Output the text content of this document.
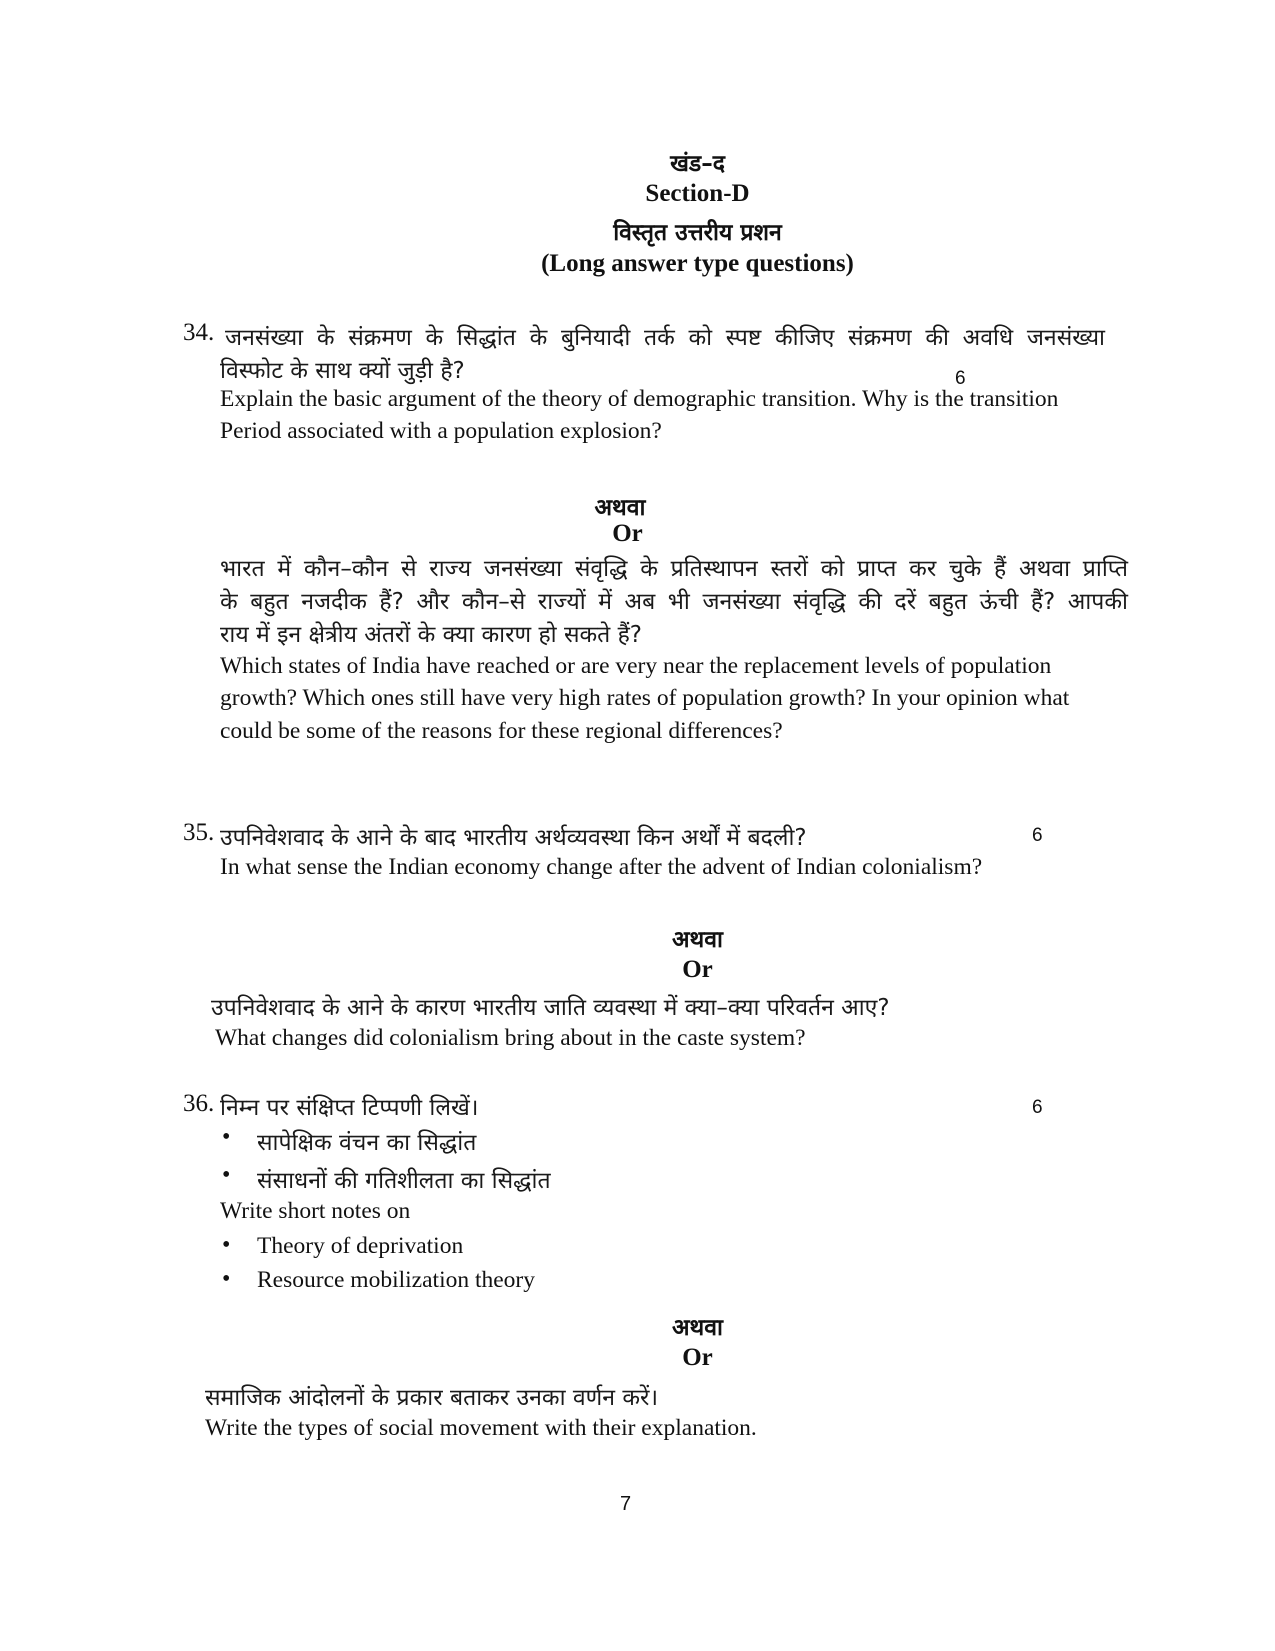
खंड–द
Section-D
विस्तृत उत्तरीय प्रशन
(Long answer type questions)
34. जनसंख्या के संक्रमण के सिद्धांत के बुनियादी तर्क को स्पष्ट कीजिए संक्रमण की अवधि जनसंख्या
विस्फोट के साथ क्यों जुड़ी है?	6
Explain the basic argument of the theory of demographic transition. Why is the transition
Period associated with a population explosion?
अथवा
Or
भारत में कौन–कौन से राज्य जनसंख्या संवृद्धि के प्रतिस्थापन स्तरों को प्राप्त कर चुके हैं अथवा प्राप्ति
के बहुत नजदीक हैं? और कौन–से राज्यों में अब भी जनसंख्या संवृद्धि की दरें बहुत ऊंची हैं? आपकी
राय में इन क्षेत्रीय अंतरों के क्या कारण हो सकते हैं?
Which states of India have reached or are very near the replacement levels of population
growth? Which ones still have very high rates of population growth? In your opinion what
could be some of the reasons for these regional differences?
35. उपनिवेशवाद के आने के बाद भारतीय अर्थव्यवस्था किन अर्थों में बदली?	6
In what sense the Indian economy change after the advent of Indian colonialism?
अथवा
Or
उपनिवेशवाद के आने के कारण भारतीय जाति व्यवस्था में क्या–क्या परिवर्तन आए?
What changes did colonialism bring about in the caste system?
36. निम्न पर संक्षिप्त टिप्पणी लिखें।	6
• सापेक्षिक वंचन का सिद्धांत
• संसाधनों की गतिशीलता का सिद्धांत
Write short notes on
• Theory of deprivation
• Resource mobilization theory
अथवा
Or
समाजिक आंदोलनों के प्रकार बताकर उनका वर्णन करें।
Write the types of social movement with their explanation.
7
